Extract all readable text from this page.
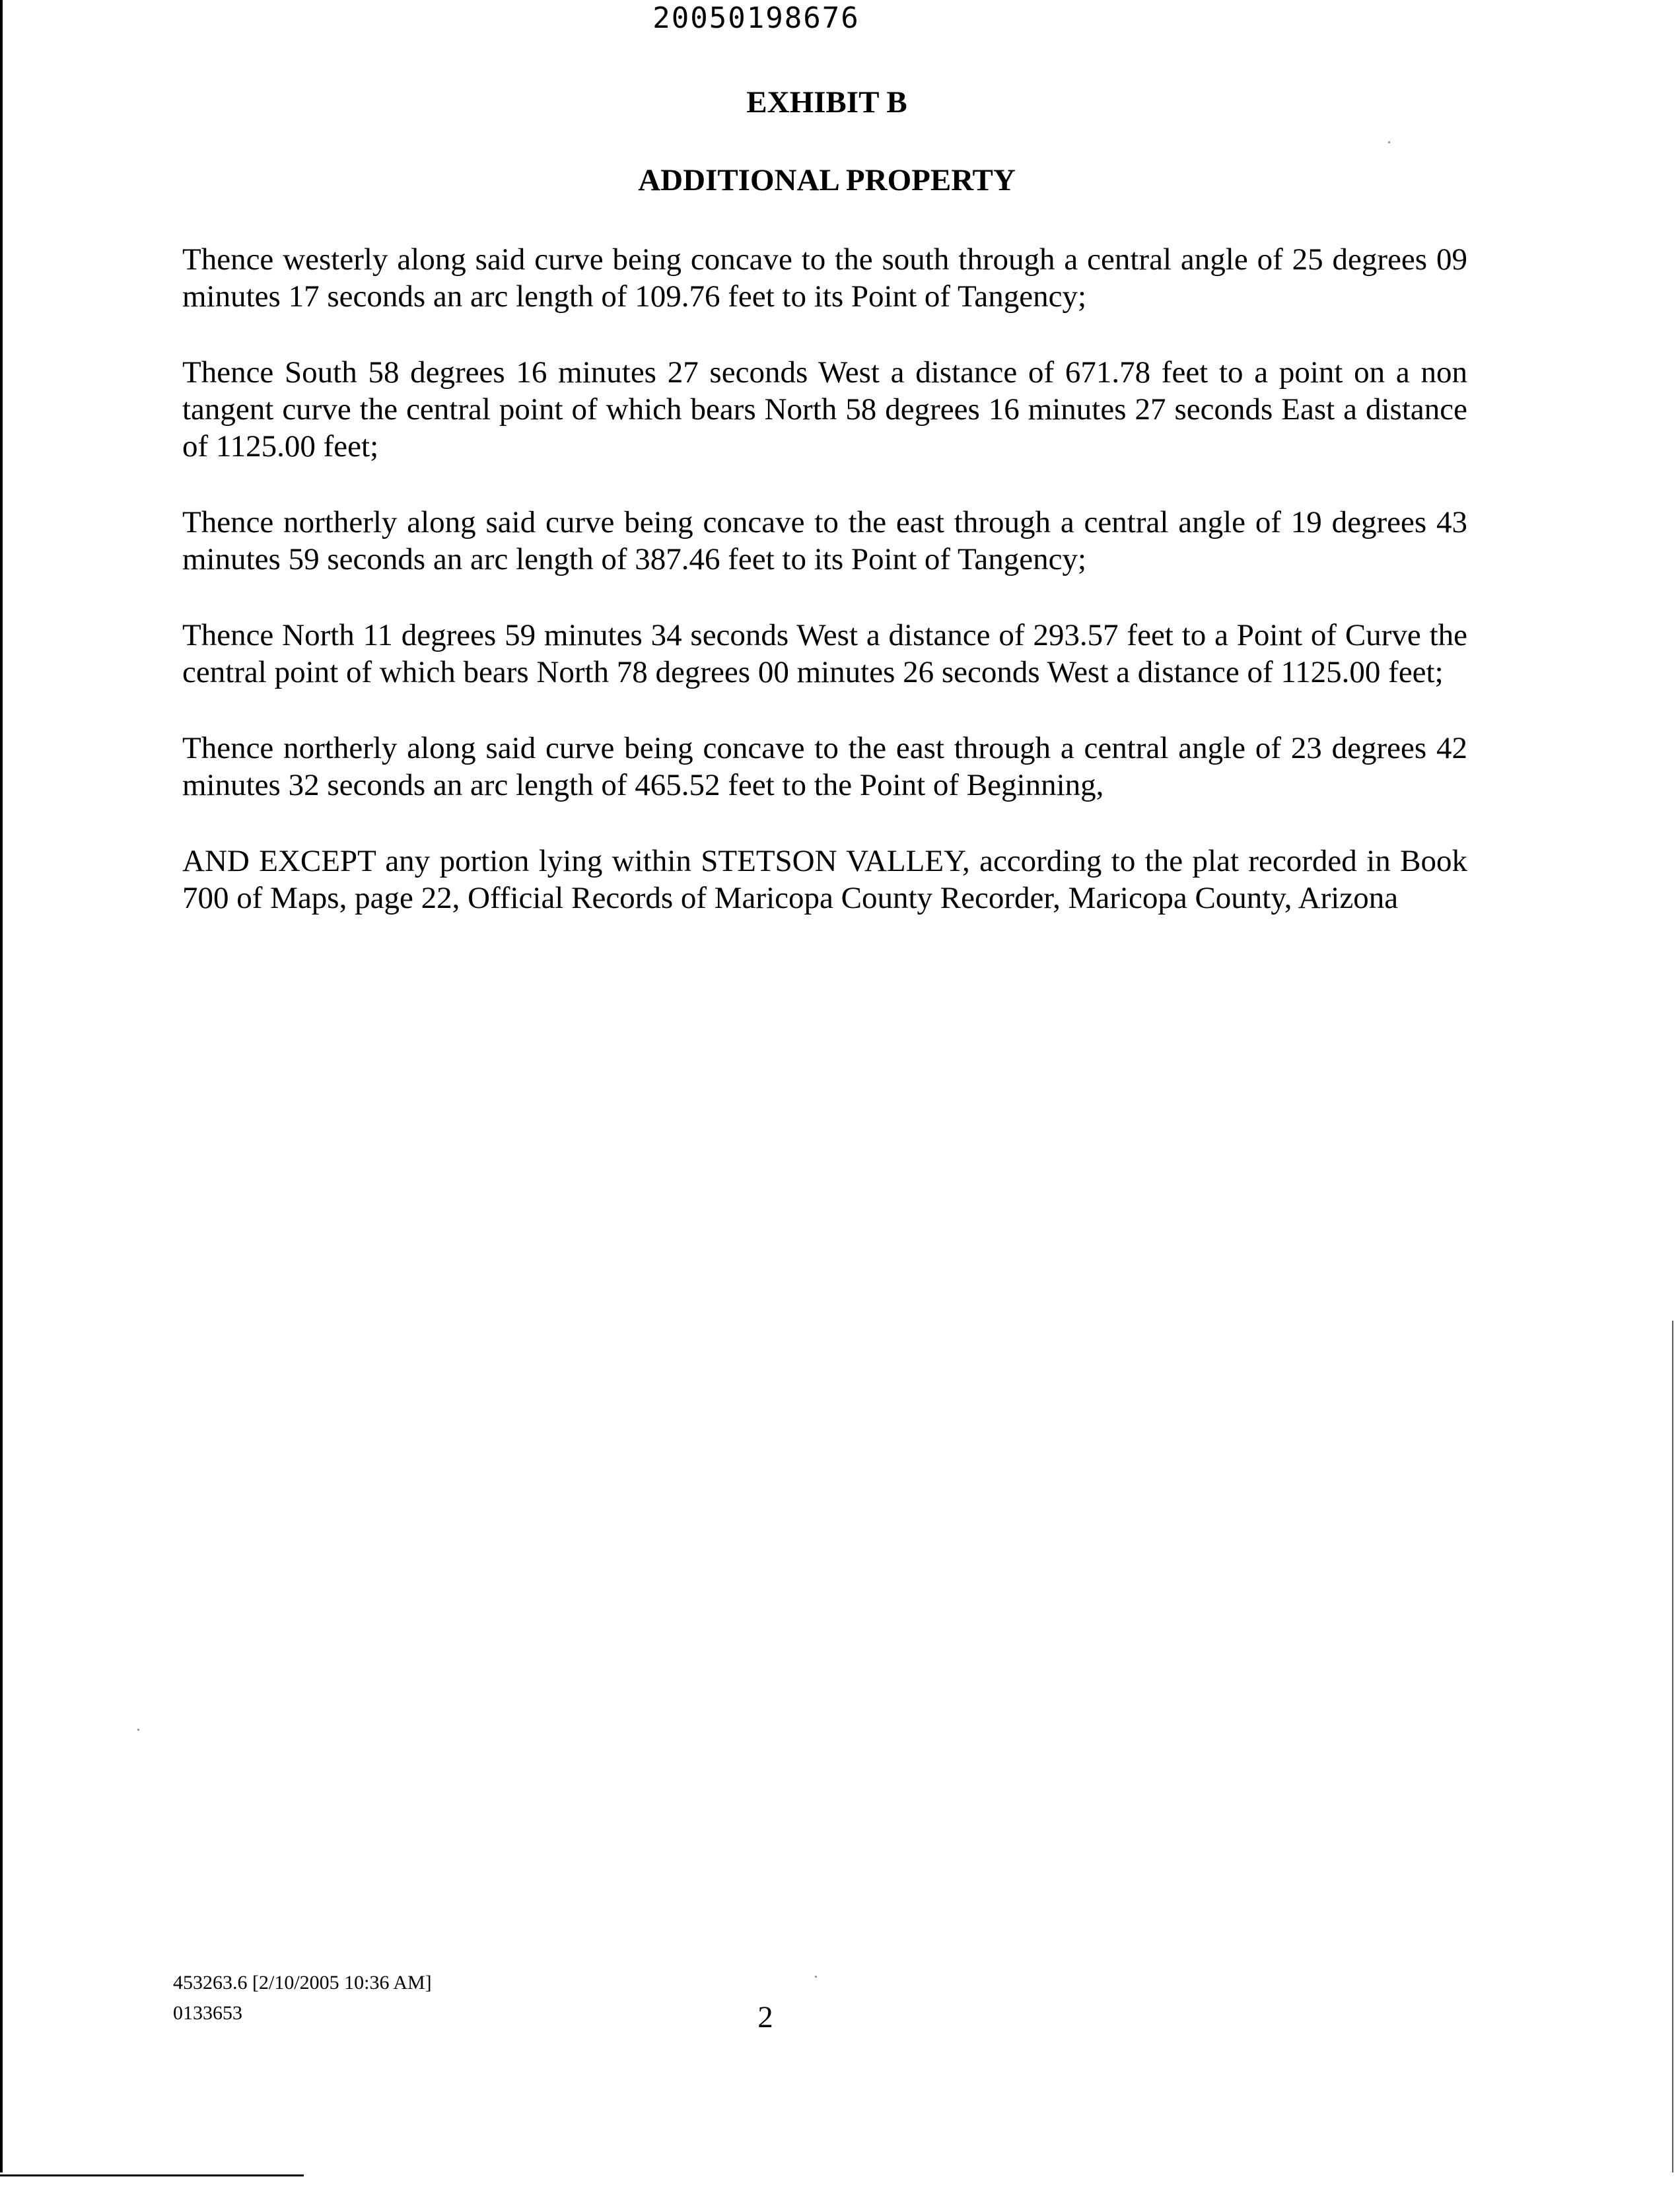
20050198676
EXHIBIT B
ADDITIONAL PROPERTY

Thence westerly along said curve being concave to the south through a central angle of 25 degrees 09 minutes 17 seconds an arc length of 109.76 feet to its Point of Tangency;

Thence South 58 degrees 16 minutes 27 seconds West a distance of 671.78 feet to a point on a non tangent curve the central point of which bears North 58 degrees 16 minutes 27 seconds East a distance of 1125.00 feet;

Thence northerly along said curve being concave to the east through a central angle of 19 degrees 43 minutes 59 seconds an arc length of 387.46 feet to its Point of Tangency;

Thence North 11 degrees 59 minutes 34 seconds West a distance of 293.57 feet to a Point of Curve the central point of which bears North 78 degrees 00 minutes 26 seconds West a distance of 1125.00 feet;

Thence northerly along said curve being concave to the east through a central angle of 23 degrees 42 minutes 32 seconds an arc length of 465.52 feet to the Point of Beginning,

AND EXCEPT any portion lying within STETSON VALLEY, according to the plat recorded in Book 700 of Maps, page 22, Official Records of Maricopa County Recorder, Maricopa County, Arizona

453263.6 [2/10/2005 10:36 AM]
0133653	2
